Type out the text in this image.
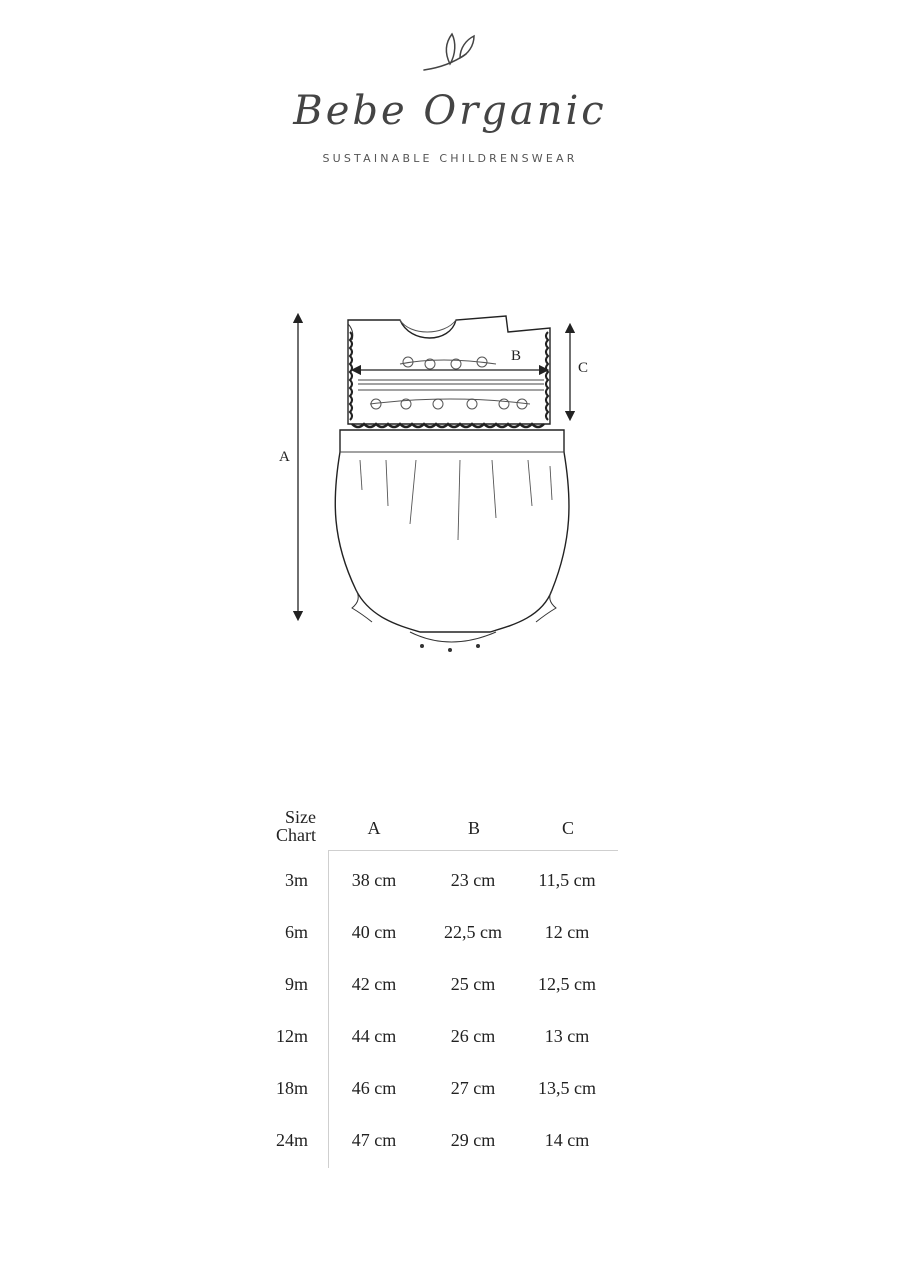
Bebe Organic
SUSTAINABLE CHILDRENSWEAR
A
B
C
Size
Chart	A	B	C
3m	38 cm	23 cm	11,5 cm
6m	40 cm	22,5 cm	12 cm
9m	42 cm	25 cm	12,5 cm
12m	44 cm	26 cm	13 cm
18m	46 cm	27 cm	13,5 cm
24m	47 cm	29 cm	14 cm
